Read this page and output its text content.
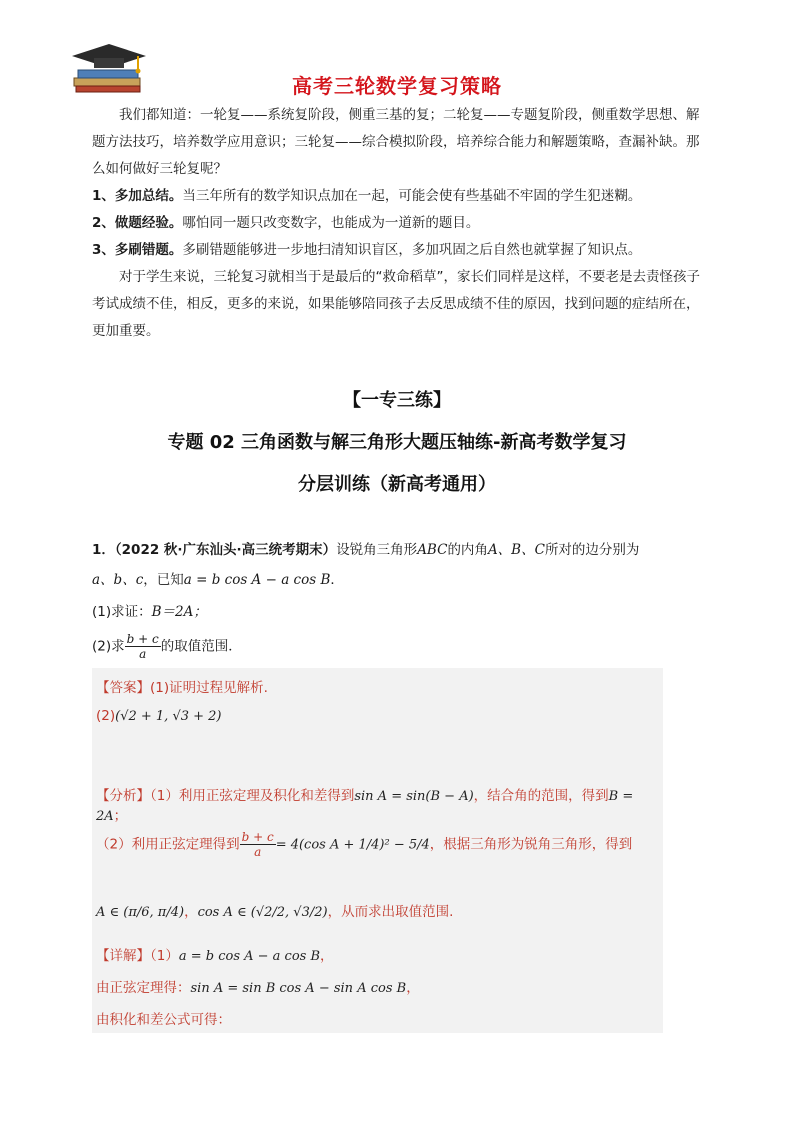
高考三轮数学复习策略
我们都知道：一轮复——系统复阶段，侧重三基的复；二轮复——专题复阶段，侧重数学思想、解题方法技巧，培养数学应用意识；三轮复——综合模拟阶段，培养综合能力和解题策略，查漏补缺。那么如何做好三轮复呢？
1、多加总结。当三年所有的数学知识点加在一起，可能会使有些基础不牢固的学生犯迷糊。
2、做题经验。哪怕同一题只改变数字，也能成为一道新的题目。
3、多刷错题。多刷错题能够进一步地扫清知识盲区，多加巩固之后自然也就掌握了知识点。
对于学生来说，三轮复习就相当于是最后的“救命稻草”，家长们同样是这样，不要老是去责怪孩子考试成绩不佳，相反，更多的来说，如果能够陪同孩子去反思成绩不佳的原因，找到问题的症结所在，更加重要。
【一专三练】
专题 02 三角函数与解三角形大题压轴练-新高考数学复习
分层训练（新高考通用）
1．（2022 秋·广东汕头·高三统考期末）设锐角三角形ABC的内角A、B、C所对的边分别为
a、b、c，已知a = b cos A − a cos B．
(1)求证：B＝2A；
(2)求 $\frac{b + c}{a}$ 的取值范围．
【答案】(1)证明过程见解析.
(2)(√2 + 1, √3 + 2)
【分析】（1）利用正弦定理及积化和差得到sin A = sin(B − A)，结合角的范围，得到B = 2A；
（2）利用正弦定理得到 $\frac{b + c}{a} = 4(\cos$ A + 1/4)² − 5/4，根据三角形为锐角三角形，得到
A ∈ (π/6, π/4)，cos A ∈ (√2/2, √3/2)，从而求出取值范围.
【详解】（1）a = b cos A − a cos B，
由正弦定理得：sin A = sin B cos A − sin A cos B，
由积化和差公式可得：
